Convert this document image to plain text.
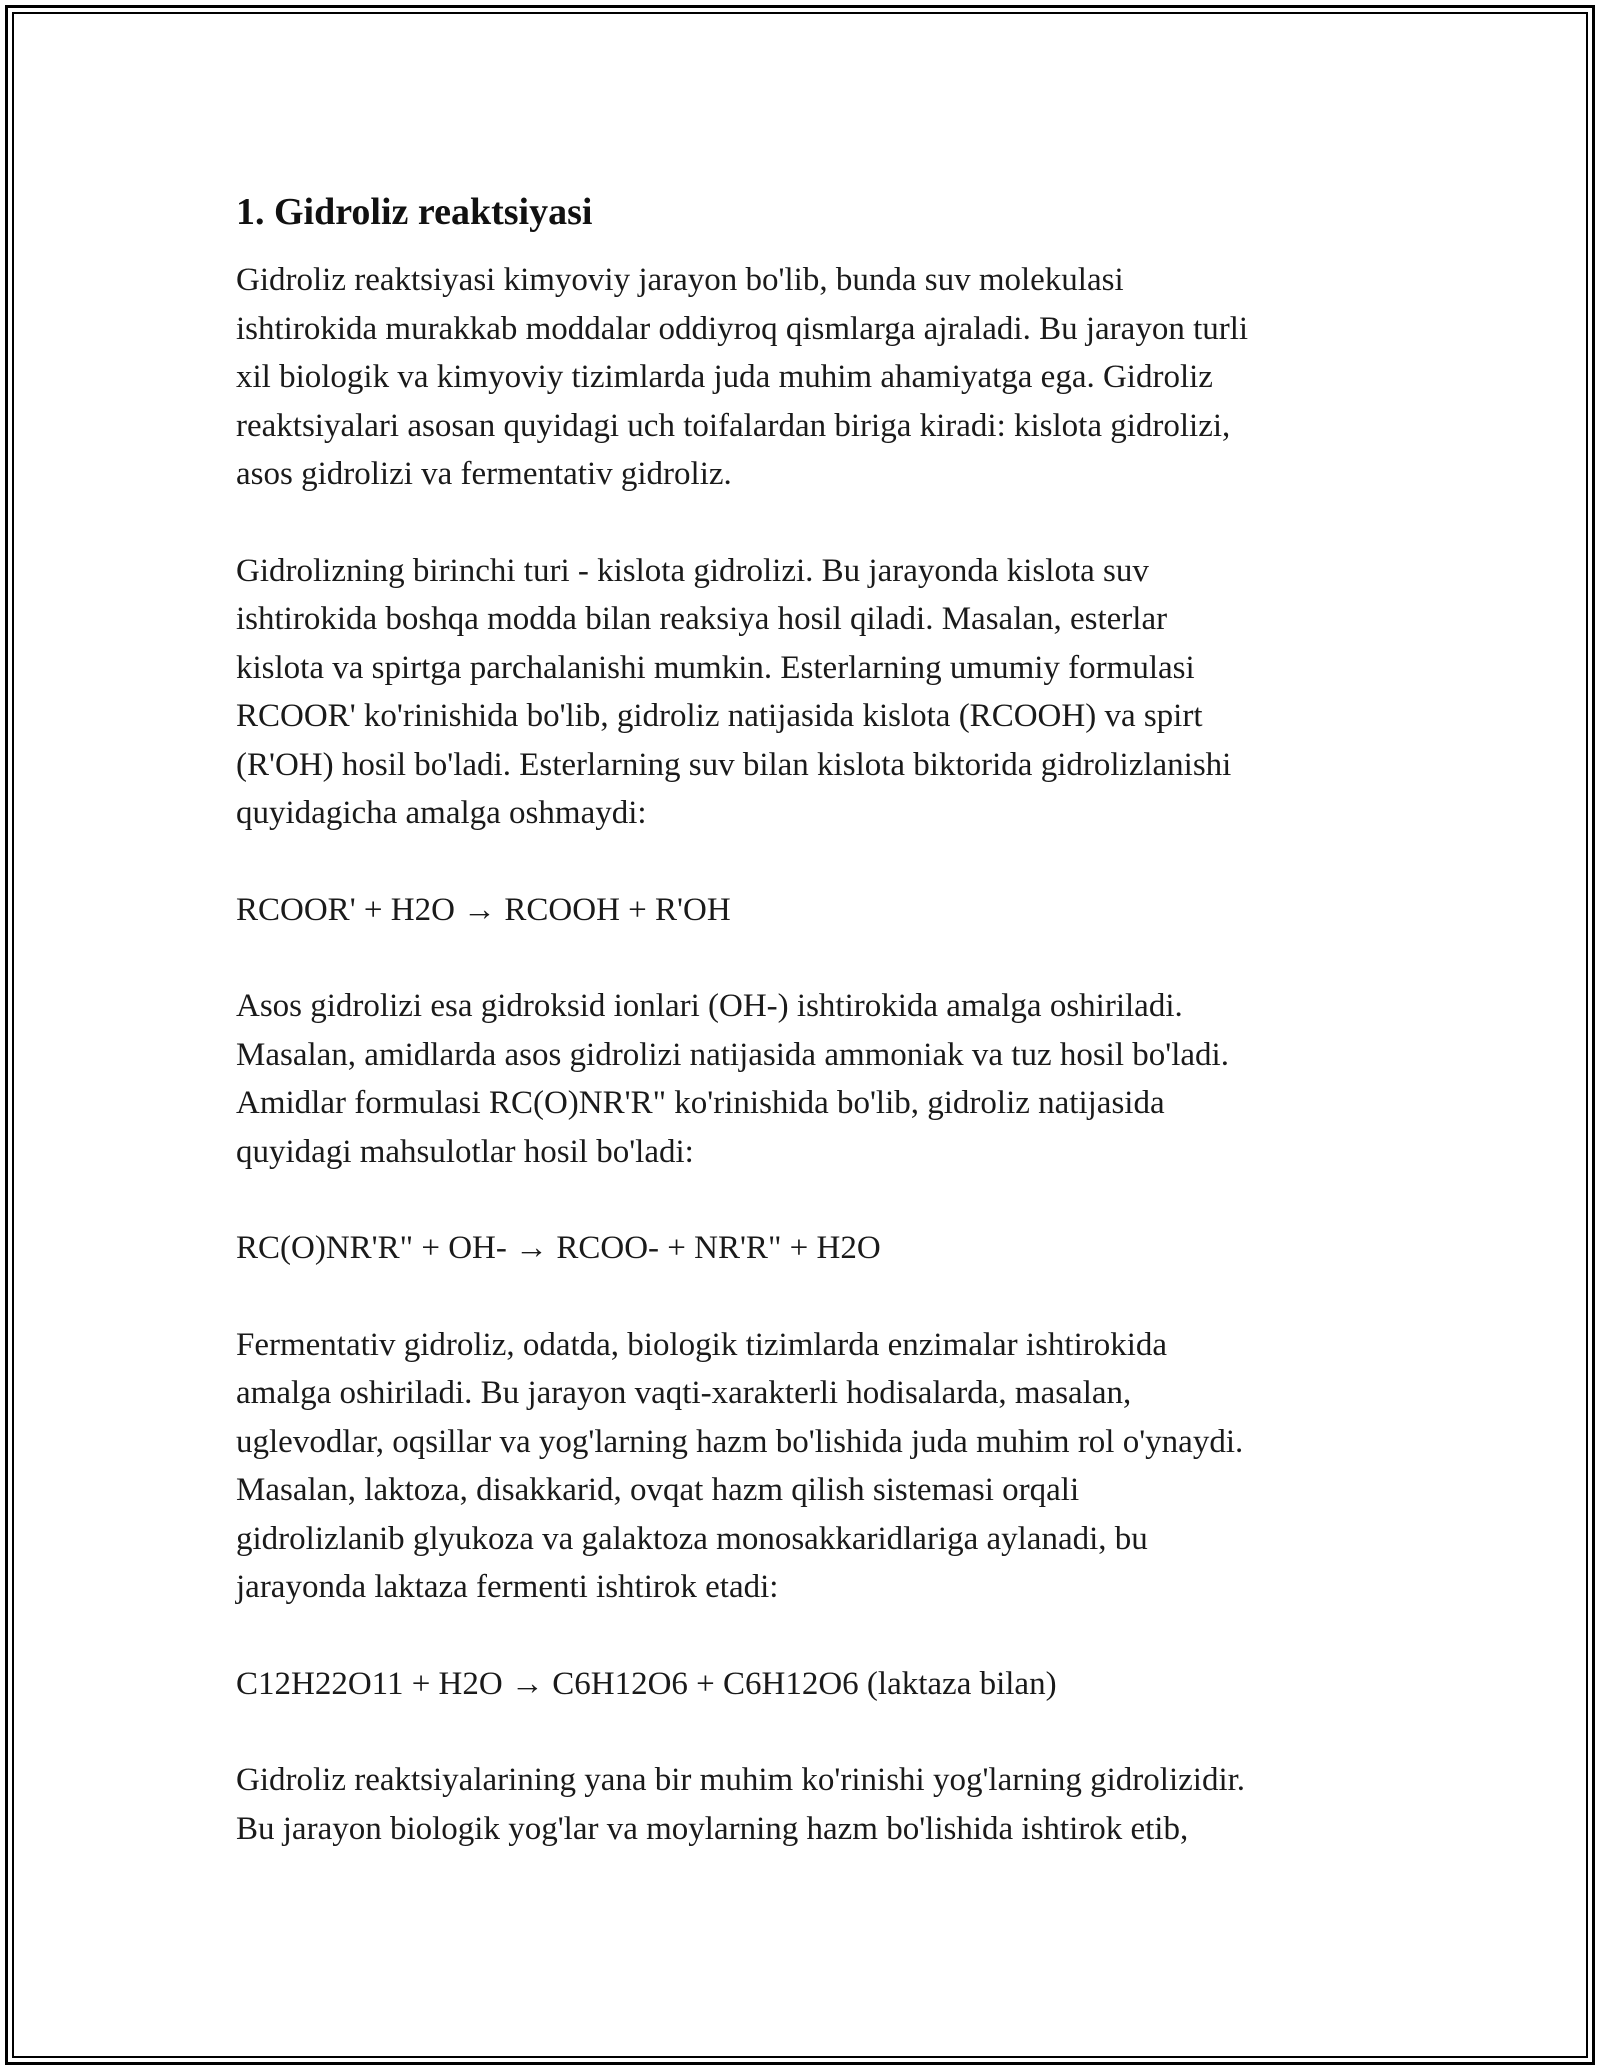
1. Gidroliz reaktsiyasi

Gidroliz reaktsiyasi kimyoviy jarayon bo'lib, bunda suv molekulasi
ishtirokida murakkab moddalar oddiyroq qismlarga ajraladi. Bu jarayon turli
xil biologik va kimyoviy tizimlarda juda muhim ahamiyatga ega. Gidroliz
reaktsiyalari asosan quyidagi uch toifalardan biriga kiradi: kislota gidrolizi,
asos gidrolizi va fermentativ gidroliz.

Gidrolizning birinchi turi - kislota gidrolizi. Bu jarayonda kislota suv
ishtirokida boshqa modda bilan reaksiya hosil qiladi. Masalan, esterlar
kislota va spirtga parchalanishi mumkin. Esterlarning umumiy formulasi
RCOOR' ko'rinishida bo'lib, gidroliz natijasida kislota (RCOOH) va spirt
(R'OH) hosil bo'ladi. Esterlarning suv bilan kislota biktorida gidrolizlanishi
quyidagicha amalga oshmaydi:

RCOOR' + H2O → RCOOH + R'OH

Asos gidrolizi esa gidroksid ionlari (OH-) ishtirokida amalga oshiriladi.
Masalan, amidlarda asos gidrolizi natijasida ammoniak va tuz hosil bo'ladi.
Amidlar formulasi RC(O)NR'R" ko'rinishida bo'lib, gidroliz natijasida
quyidagi mahsulotlar hosil bo'ladi:

RC(O)NR'R" + OH- → RCOO- + NR'R" + H2O

Fermentativ gidroliz, odatda, biologik tizimlarda enzimalar ishtirokida
amalga oshiriladi. Bu jarayon vaqti-xarakterli hodisalarda, masalan,
uglevodlar, oqsillar va yog'larning hazm bo'lishida juda muhim rol o'ynaydi.
Masalan, laktoza, disakkarid, ovqat hazm qilish sistemasi orqali
gidrolizlanib glyukoza va galaktoza monosakkaridlariga aylanadi, bu
jarayonda laktaza fermenti ishtirok etadi:

C12H22O11 + H2O → C6H12O6 + C6H12O6 (laktaza bilan)

Gidroliz reaktsiyalarining yana bir muhim ko'rinishi yog'larning gidrolizidir.
Bu jarayon biologik yog'lar va moylarning hazm bo'lishida ishtirok etib,
